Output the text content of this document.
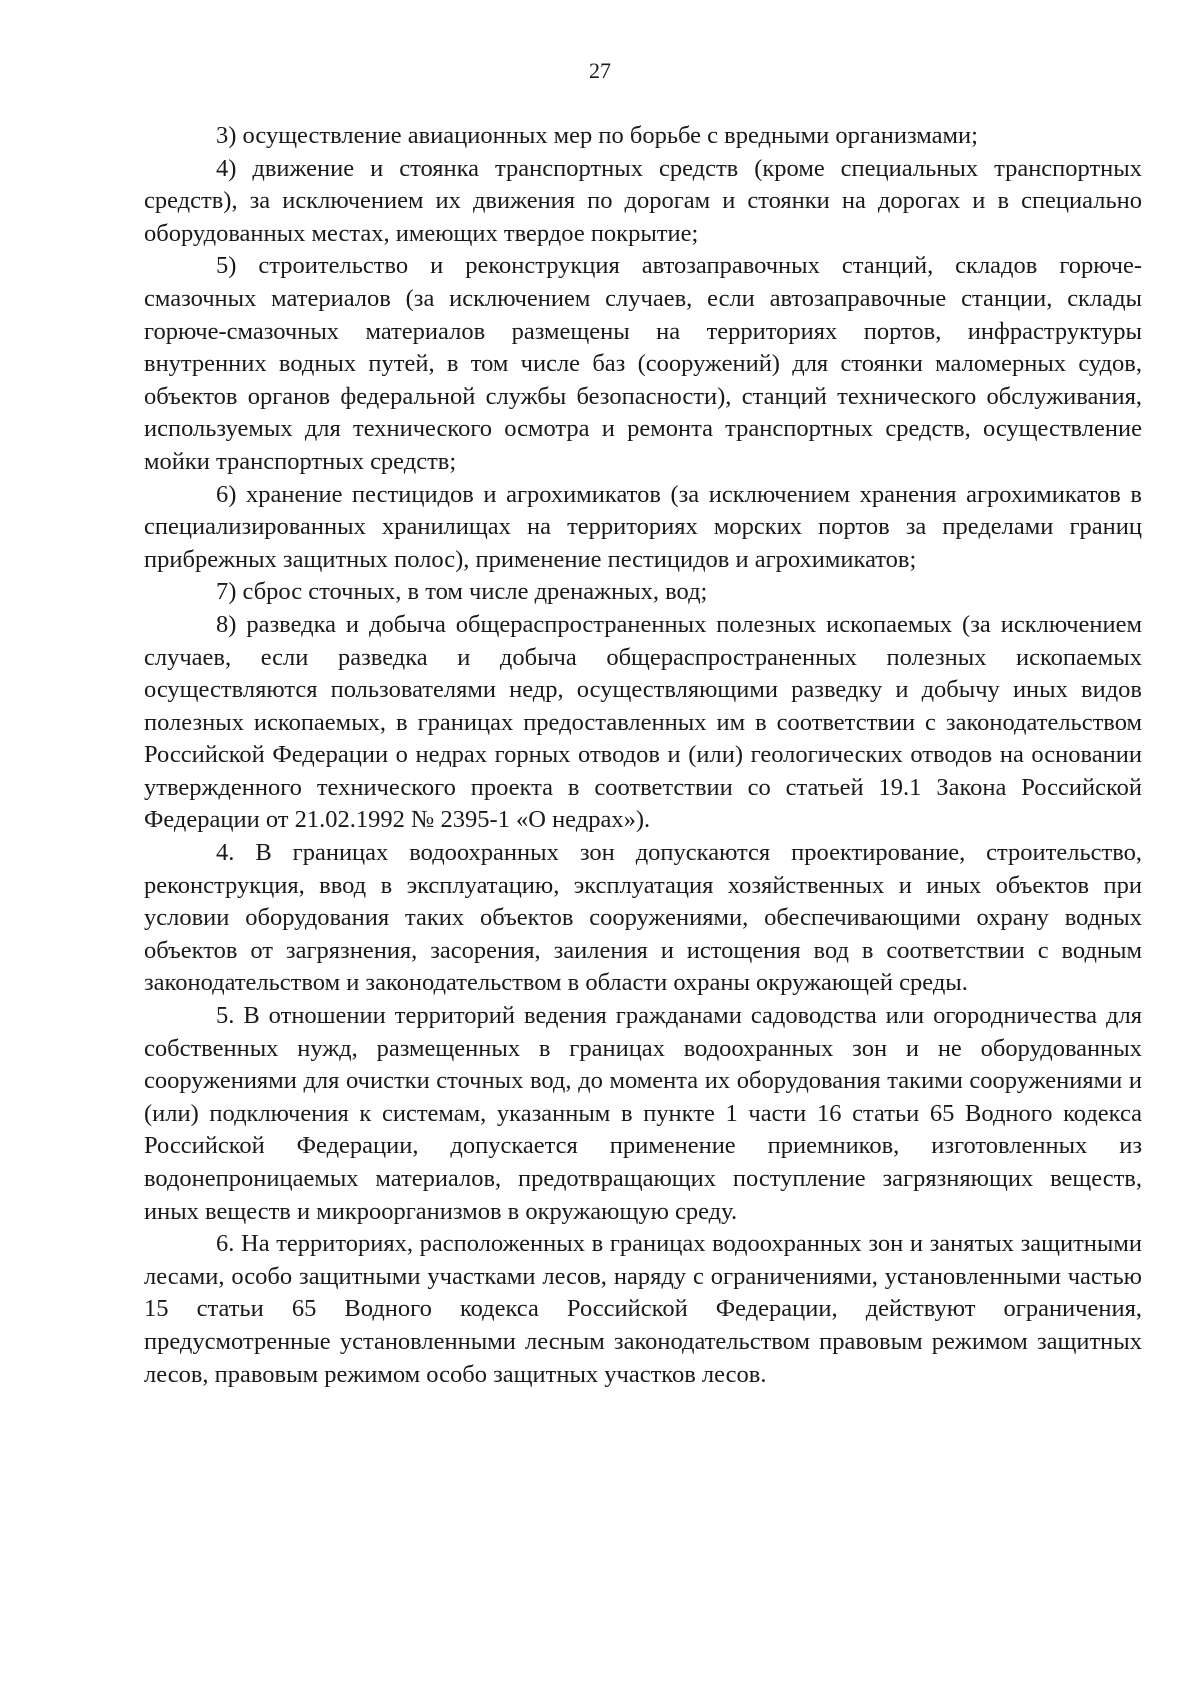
27

3) осуществление авиационных мер по борьбе с вредными организмами;

4) движение и стоянка транспортных средств (кроме специальных транспортных средств), за исключением их движения по дорогам и стоянки на дорогах и в специально оборудованных местах, имеющих твердое покрытие;

5) строительство и реконструкция автозаправочных станций, складов горюче-смазочных материалов (за исключением случаев, если автозаправочные станции, склады горюче-смазочных материалов размещены на территориях портов, инфраструктуры внутренних водных путей, в том числе баз (сооружений) для стоянки маломерных судов, объектов органов федеральной службы безопасности), станций технического обслуживания, используемых для технического осмотра и ремонта транспортных средств, осуществление мойки транспортных средств;

6) хранение пестицидов и агрохимикатов (за исключением хранения агрохимикатов в специализированных хранилищах на территориях морских портов за пределами границ прибрежных защитных полос), применение пестицидов и агрохимикатов;

7) сброс сточных, в том числе дренажных, вод;

8) разведка и добыча общераспространенных полезных ископаемых (за исключением случаев, если разведка и добыча общераспространенных полезных ископаемых осуществляются пользователями недр, осуществляющими разведку и добычу иных видов полезных ископаемых, в границах предоставленных им в соответствии с законодательством Российской Федерации о недрах горных отводов и (или) геологических отводов на основании утвержденного технического проекта в соответствии со статьей 19.1 Закона Российской Федерации от 21.02.1992 № 2395-1 «О недрах»).

4. В границах водоохранных зон допускаются проектирование, строительство, реконструкция, ввод в эксплуатацию, эксплуатация хозяйственных и иных объектов при условии оборудования таких объектов сооружениями, обеспечивающими охрану водных объектов от загрязнения, засорения, заиления и истощения вод в соответствии с водным законодательством и законодательством в области охраны окружающей среды.

5. В отношении территорий ведения гражданами садоводства или огородничества для собственных нужд, размещенных в границах водоохранных зон и не оборудованных сооружениями для очистки сточных вод, до момента их оборудования такими сооружениями и (или) подключения к системам, указанным в пункте 1 части 16 статьи 65 Водного кодекса Российской Федерации, допускается применение приемников, изготовленных из водонепроницаемых материалов, предотвращающих поступление загрязняющих веществ, иных веществ и микроорганизмов в окружающую среду.

6. На территориях, расположенных в границах водоохранных зон и занятых защитными лесами, особо защитными участками лесов, наряду с ограничениями, установленными частью 15 статьи 65 Водного кодекса Российской Федерации, действуют ограничения, предусмотренные установленными лесным законодательством правовым режимом защитных лесов, правовым режимом особо защитных участков лесов.
